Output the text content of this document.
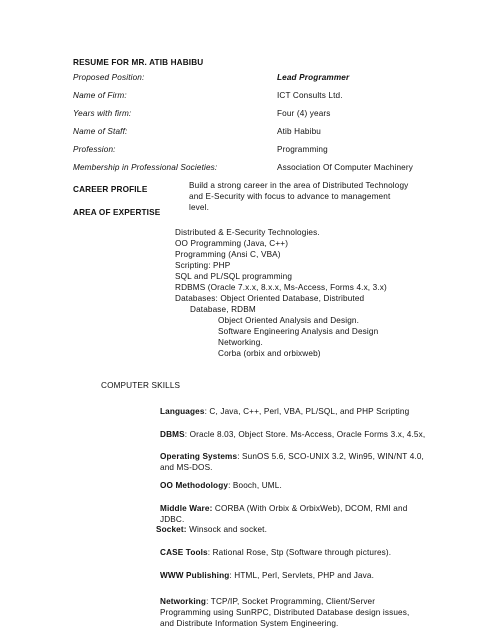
RESUME FOR MR. ATIB HABIBU
Proposed Position:	Lead Programmer
Name of Firm:	ICT Consults Ltd.
Years with firm:	Four (4) years
Name of Staff:	Atib Habibu
Profession:	Programming
Membership in Professional Societies:	Association Of Computer Machinery
CAREER PROFILE	Build a strong career in the area of Distributed Technology
and E-Security with focus to advance to management
level.
AREA OF EXPERTISE
Distributed & E-Security Technologies.
OO Programming (Java, C++)
Programming (Ansi C, VBA)
Scripting: PHP
SQL and PL/SQL programming
RDBMS (Oracle 7.x.x, 8.x.x, Ms-Access, Forms 4.x, 3.x)
Databases: Object Oriented Database, Distributed
Database, RDBM
Object Oriented Analysis and Design.
Software Engineering Analysis and Design
Networking.
Corba (orbix and orbixweb)
COMPUTER SKILLS
Languages: C, Java, C++, Perl, VBA, PL/SQL, and PHP Scripting
DBMS: Oracle 8.03, Object Store. Ms-Access, Oracle Forms 3.x, 4.5x,
Operating Systems: SunOS 5.6, SCO-UNIX 3.2, Win95, WIN/NT 4.0,
and MS-DOS.
OO Methodology: Booch, UML.
Middle Ware: CORBA (With Orbix & OrbixWeb), DCOM, RMI and
JDBC.
Socket: Winsock and socket.
CASE Tools: Rational Rose, Stp (Software through pictures).
WWW Publishing: HTML, Perl, Servlets, PHP and Java.
Networking: TCP/IP, Socket Programming, Client/Server
Programming using SunRPC, Distributed Database design issues,
and Distribute Information System Engineering.
